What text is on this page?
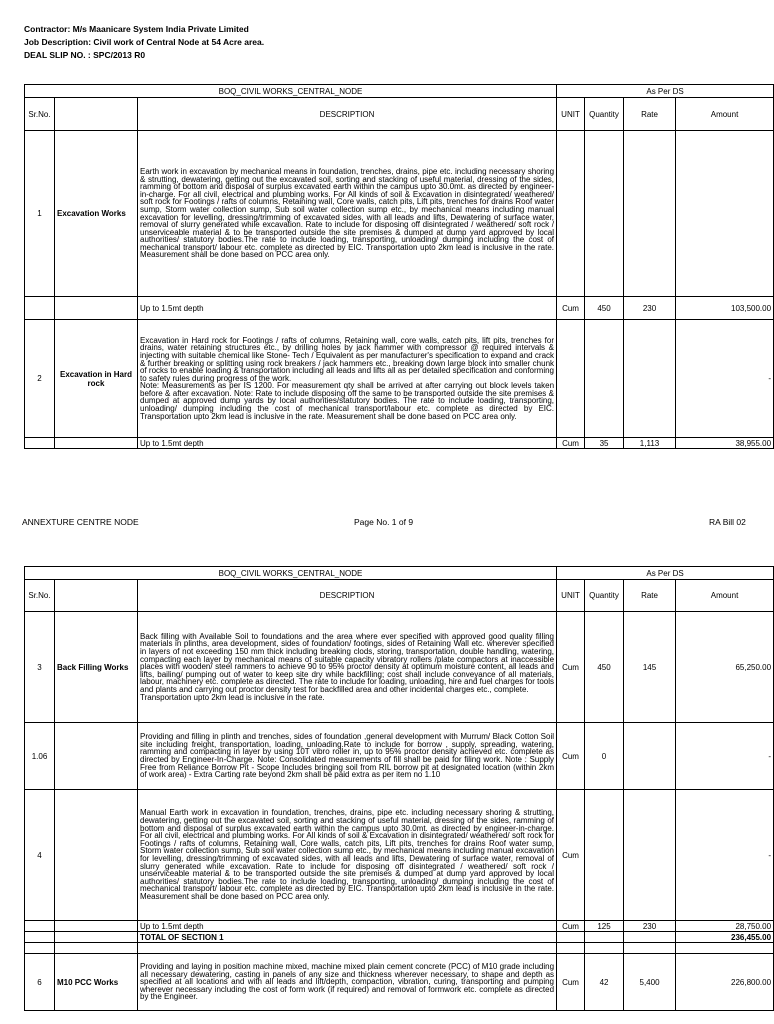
Contractor: M/s Maanicare System India Private Limited
Job Description: Civil work of Central Node at 54 Acre area.
DEAL SLIP NO. : SPC/2013 R0
BOQ_CIVIL WORKS_CENTRAL_NODE			As Per DS			
Sr.No.		DESCRIPTION	UNIT	Quantity	Rate	Amount
1	Excavation Works	Earth work in excavation by mechanical means in foundation, trenches, drains, pipe etc. including necessary shoring & strutting, dewatering, getting out the excavated soil, sorting and stacking of useful material, dressing of the sides, ramming of bottom and disposal of surplus excavated earth within the campus upto 30.0mt. as directed by engineer-in-charge. For all civil, electrical and plumbing works. For All kinds of soil & Excavation in disintegrated/ weathered/ soft rock for Footings / rafts of columns, Retaining wall, Core walls, catch pits, Lift pits, trenches for drains Roof water sump, Storm water collection sump, Sub soil water collection sump etc., by mechanical means including manual excavation for levelling, dressing/trimming of excavated sides, with all leads and lifts, Dewatering of surface water, removal of slurry generated while excavation. Rate to include for disposing off disintegrated / weathered/ soft rock / unserviceable material & to be transported outside the site premises & dumped at dump yard approved by local authorities/ statutory bodies.The rate to include loading, transporting, unloading/ dumping including the cost of mechanical transport/ labour etc. complete as directed by EIC. Transportation upto 2km lead is inclusive in the rate. Measurement shall be done based on PCC area only.				
		Up to 1.5mt depth	Cum	450	230	103,500.00
2	Excavation in Hard rock	Excavation in Hard rock for Footings / rafts of columns, Retaining wall, core walls, catch pits, lift pits, trenches for drains, water retaining structures etc., by drilling holes by jack hammer with compressor @ required intervals & injecting with suitable chemical like Stone- Tech / Equivalent as per manufacturer's specification to expand and crack & further breaking or splitting using rock breakers / jack hammers etc., breaking down large block into smaller chunk of rocks to enable loading & transportation including all leads and lifts all as per detailed specification and conforming to safety rules during progress of the work.
Note: Measurements as per IS 1200. For measurement qty shall be arrived at after carrying out block levels taken before & after excavation. Note: Rate to include disposing off the same to be transported outside the site premises & dumped at approved dump yards by local authorities/statutory bodies. The rate to include loading, transporting, unloading/ dumping including the cost of mechanical transport/labour etc. complete as directed by EIC. Transportation upto 2km lead is inclusive in the rate. Measurement shall be done based on PCC area only.				-
		Up to 1.5mt depth	Cum	35	1,113	38,955.00
ANNEXTURE CENTRE NODE	Page No. 1 of 9	RA Bill 02
BOQ_CIVIL WORKS_CENTRAL_NODE			As Per DS			
Sr.No.		DESCRIPTION	UNIT	Quantity	Rate	Amount
3	Back Filling Works	Back filling with Available Soil to foundations and the area where ever specified with approved good quality filling materials in plinths, area development, sides of foundation/ footings, sides of Retaining Wall etc. wherever specified in layers of not exceeding 150 mm thick including breaking clods, storing, transportation, double handling, watering, compacting each layer by mechanical means of suitable capacity vibratory rollers /plate compactors at inaccessible places with wooden/ steel rammers to achieve 90 to 95% proctor density at optimum moisture content, all leads and lifts, bailing/ pumping out of water to keep site dry while backfilling; cost shall include conveyance of all materials, labour, machinery etc. complete as directed. The rate to include for loading, unloading, hire and fuel charges for tools and plants and carrying out proctor density test for backfilled area and other incidental charges etc., complete.
Transportation upto 2km lead is inclusive in the rate.	Cum	450	145	65,250.00
1.06		Providing and filling in plinth and trenches, sides of foundation ,general development with Murrum/ Black Cotton Soil site including freight, transportation, loading, unloading.Rate to include for borrow , supply, spreading, watering, ramming and compacting in layer by using 10T vibro roller in, up to 95% proctor density achieved etc. complete as directed by Engineer-In-Charge. Note: Consolidated measurements of fill shall be paid for filing work. Note : Supply Free from Reliance Borrow Pit - Scope Includes bringing soil from RIL borrow pit at designated location (within 2km of work area) - Extra Carting rate beyond 2km shall be paid extra as per item no 1.10	Cum	0		-
4		Manual Earth work in excavation in foundation, trenches, drains, pipe etc. including necessary shoring & strutting, dewatering, getting out the excavated soil, sorting and stacking of useful material, dressing of the sides, ramming of bottom and disposal of surplus excavated earth within the campus upto 30.0mt. as directed by engineer-in-charge. For all civil, electrical and plumbing works. For All kinds of soil & Excavation in disintegrated/ weathered/ soft rock for Footings / rafts of columns, Retaining wall, Core walls, catch pits, Lift pits, trenches for drains Roof water sump, Storm water collection sump, Sub soil water collection sump etc., by mechanical means including manual excavation for levelling, dressing/trimming of excavated sides, with all leads and lifts, Dewatering of surface water, removal of slurry generated while excavation. Rate to include for disposing off disintegrated / weathered/ soft rock / unserviceable material & to be transported outside the site premises & dumped at dump yard approved by local authorities/ statutory bodies.The rate to include loading, transporting, unloading/ dumping including the cost of mechanical transport/ labour etc. complete as directed by EIC. Transportation upto 2km lead is inclusive in the rate. Measurement shall be done based on PCC area only.	Cum			-
		Up to 1.5mt depth	Cum	125	230	28,750.00
		TOTAL OF SECTION 1				236,455.00

6	M10 PCC Works	Providing and laying in position machine mixed, machine mixed plain cement concrete (PCC) of M10 grade including all necessary dewatering, casting in panels of any size and thickness wherever necessary, to shape and depth as specified at all locations and with all leads and lift/depth, compaction, vibration, curing, transporting and pumping wherever necessary including the cost of form work (if required) and removal of formwork etc. complete as directed by the Engineer.	Cum	42	5,400	226,800.00
